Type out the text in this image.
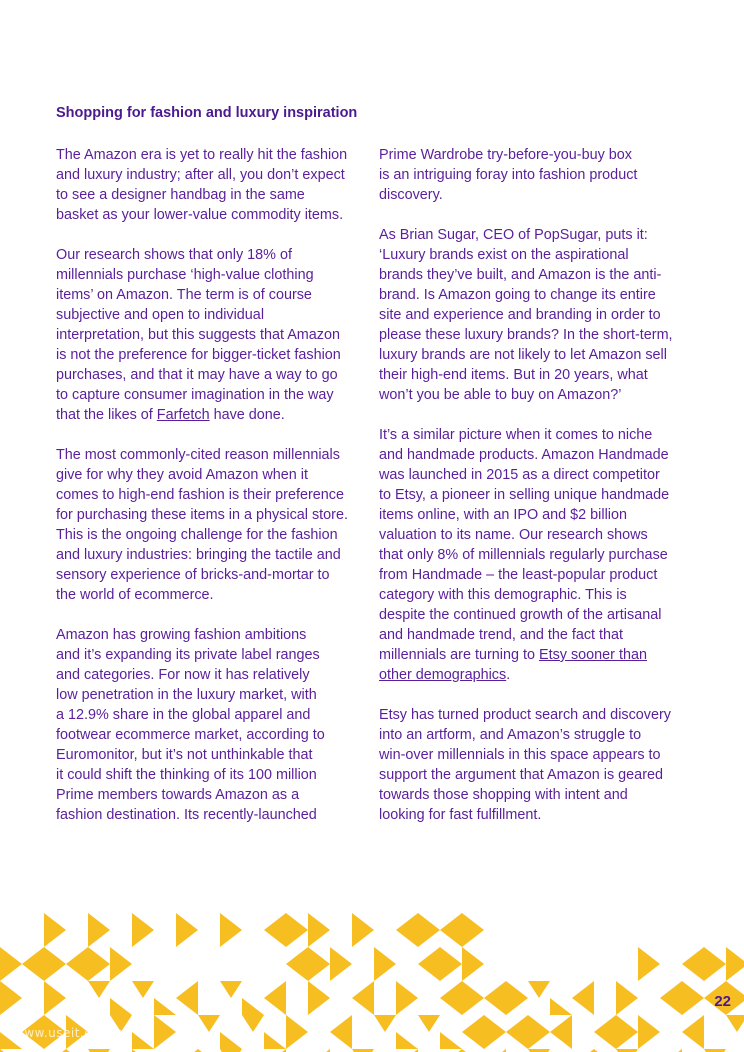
Shopping for fashion and luxury inspiration
The Amazon era is yet to really hit the fashion
and luxury industry; after all, you don’t expect
to see a designer handbag in the same
basket as your lower-value commodity items.
Our research shows that only 18% of
millennials purchase ‘high-value clothing
items’ on Amazon. The term is of course
subjective and open to individual
interpretation, but this suggests that Amazon
is not the preference for bigger-ticket fashion
purchases, and that it may have a way to go
to capture consumer imagination in the way
that the likes of Farfetch have done.
The most commonly-cited reason millennials
give for why they avoid Amazon when it
comes to high-end fashion is their preference
for purchasing these items in a physical store.
This is the ongoing challenge for the fashion
and luxury industries: bringing the tactile and
sensory experience of bricks-and-mortar to
the world of ecommerce.
Amazon has growing fashion ambitions
and it’s expanding its private label ranges
and categories. For now it has relatively
low penetration in the luxury market, with
a 12.9% share in the global apparel and
footwear ecommerce market, according to
Euromonitor, but it’s not unthinkable that
it could shift the thinking of its 100 million
Prime members towards Amazon as a
fashion destination. Its recently-launched
Prime Wardrobe try-before-you-buy box
is an intriguing foray into fashion product
discovery.
As Brian Sugar, CEO of PopSugar, puts it:
‘Luxury brands exist on the aspirational
brands they’ve built, and Amazon is the anti-
brand. Is Amazon going to change its entire
site and experience and branding in order to
please these luxury brands? In the short-term,
luxury brands are not likely to let Amazon sell
their high-end items. But in 20 years, what
won’t you be able to buy on Amazon?’
It’s a similar picture when it comes to niche
and handmade products. Amazon Handmade
was launched in 2015 as a direct competitor
to Etsy, a pioneer in selling unique handmade
items online, with an IPO and $2 billion
valuation to its name. Our research shows
that only 8% of millennials regularly purchase
from Handmade – the least-popular product
category with this demographic. This is
despite the continued growth of the artisanal
and handmade trend, and the fact that
millennials are turning to Etsy sooner than
other demographics.
Etsy has turned product search and discovery
into an artform, and Amazon’s struggle to
win-over millennials in this space appears to
support the argument that Amazon is geared
towards those shopping with intent and
looking for fast fulfillment.
22
www.useit.com.cn
